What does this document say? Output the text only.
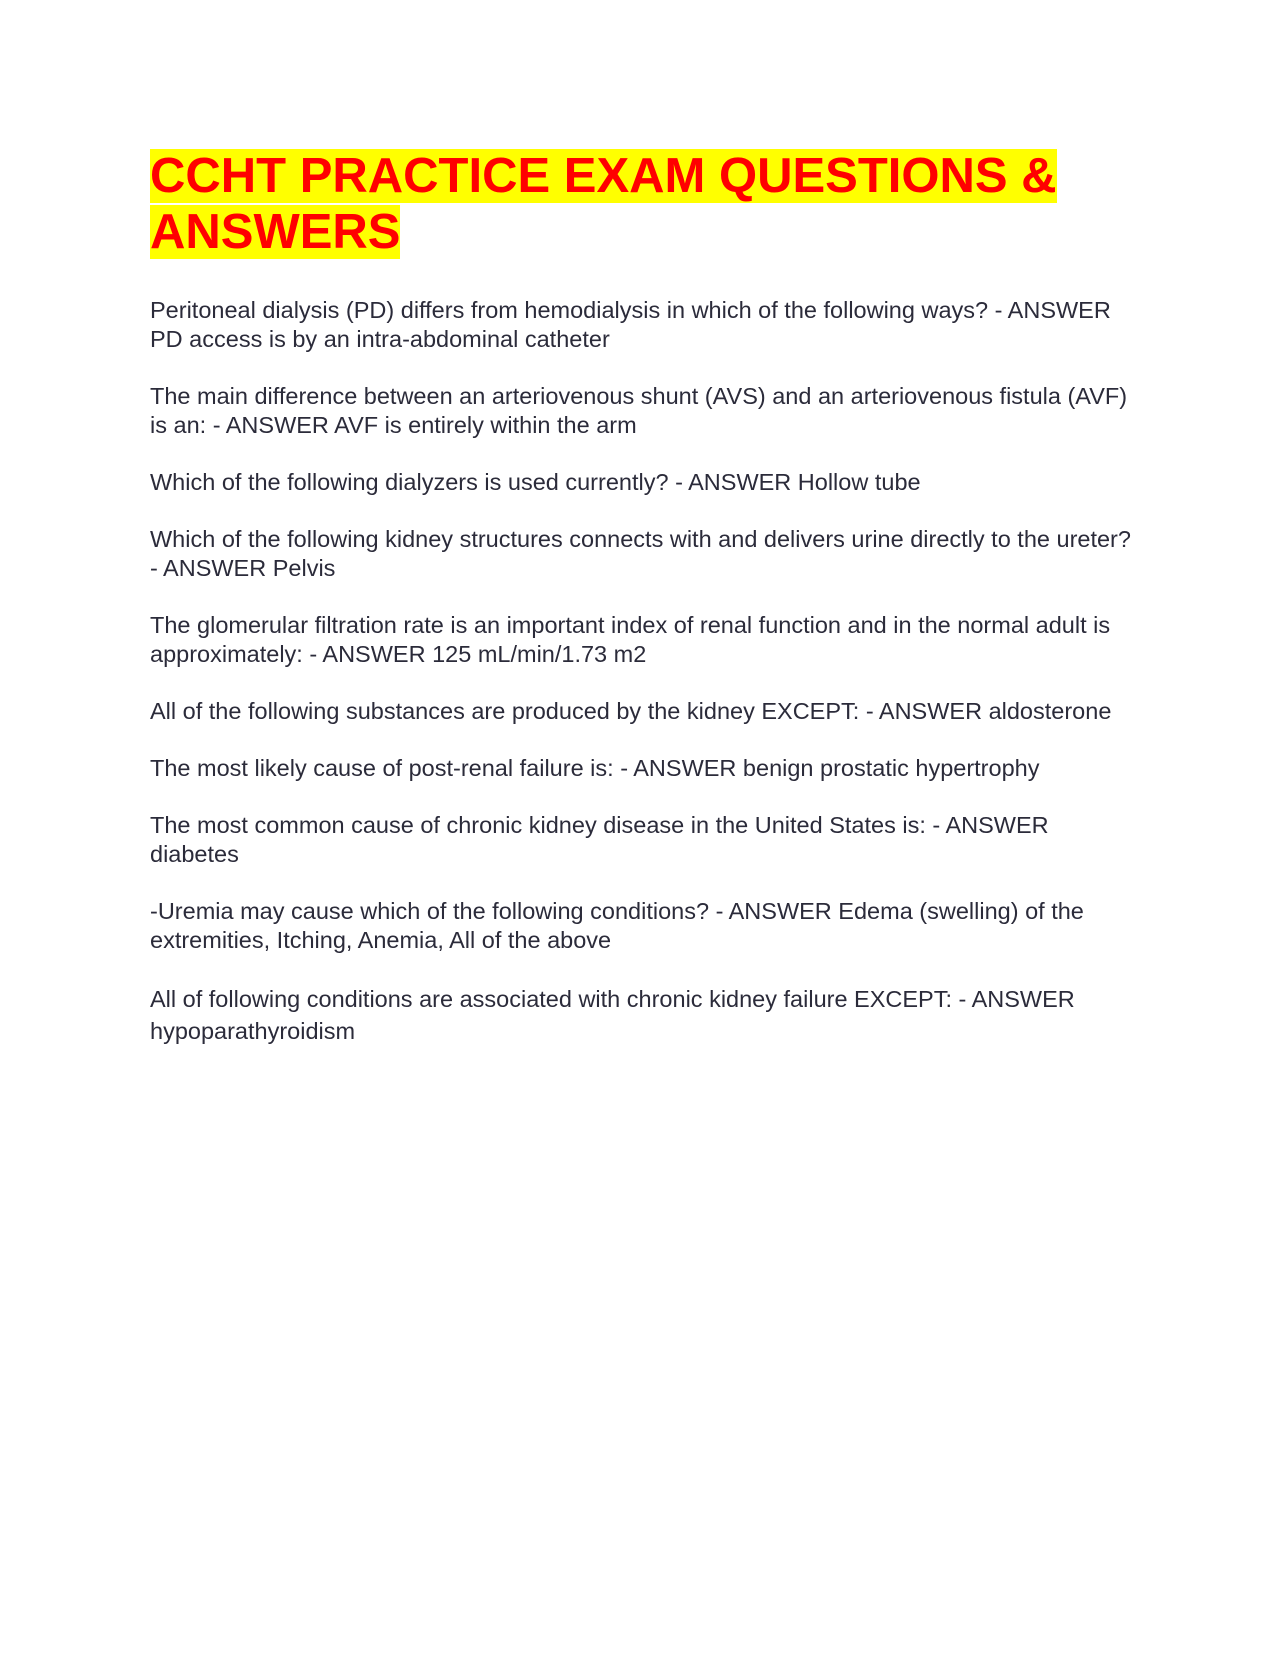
CCHT PRACTICE EXAM QUESTIONS & ANSWERS

Peritoneal dialysis (PD) differs from hemodialysis in which of the following ways? - ANSWER PD access is by an intra-abdominal catheter

The main difference between an arteriovenous shunt (AVS) and an arteriovenous fistula (AVF) is an: - ANSWER AVF is entirely within the arm

Which of the following dialyzers is used currently? - ANSWER Hollow tube

Which of the following kidney structures connects with and delivers urine directly to the ureter? - ANSWER Pelvis

The glomerular filtration rate is an important index of renal function and in the normal adult is approximately: - ANSWER 125 mL/min/1.73 m2

All of the following substances are produced by the kidney EXCEPT: - ANSWER aldosterone

The most likely cause of post-renal failure is: - ANSWER benign prostatic hypertrophy

The most common cause of chronic kidney disease in the United States is: - ANSWER diabetes

-Uremia may cause which of the following conditions? - ANSWER Edema (swelling) of the extremities, Itching, Anemia, All of the above

All of following conditions are associated with chronic kidney failure EXCEPT: - ANSWER hypoparathyroidism
